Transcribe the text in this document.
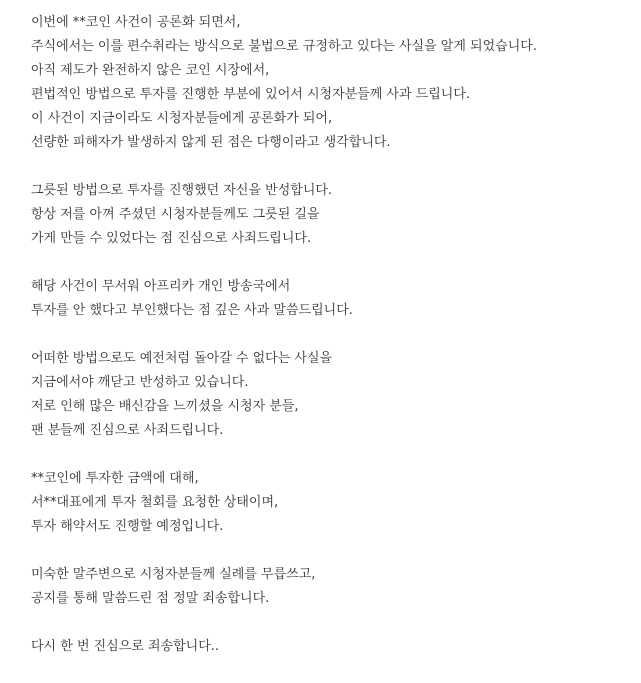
이번에 **코인 사건이 공론화 되면서,
주식에서는 이를 편수취라는 방식으로 불법으로 규정하고 있다는 사실을 알게 되었습니다.
아직 제도가 완전하지 않은 코인 시장에서,
편법적인 방법으로 투자를 진행한 부분에 있어서 시청자분들께 사과 드립니다.
이 사건이 지금이라도 시청자분들에게 공론화가 되어,
선량한 피해자가 발생하지 않게 된 점은 다행이라고 생각합니다.
그릇된 방법으로 투자를 진행했던 자신을 반성합니다.
항상 저를 아껴 주셨던 시청자분들께도 그릇된 길을
가게 만들 수 있었다는 점 진심으로 사죄드립니다.
해당 사건이 무서워 아프리카 개인 방송국에서
투자를 안 했다고 부인했다는 점 깊은 사과 말씀드립니다.
어떠한 방법으로도 예전처럼 돌아갈 수 없다는 사실을
지금에서야 깨닫고 반성하고 있습니다.
저로 인해 많은 배신감을 느끼셨을 시청자 분들,
팬 분들께 진심으로 사죄드립니다.
**코인에 투자한 금액에 대해,
서**대표에게 투자 철회를 요청한 상태이며,
투자 해약서도 진행할 예정입니다.
미숙한 말주변으로 시청자분들께 실례를 무릅쓰고,
공지를 통해 말씀드린 점 정말 죄송합니다.
다시 한 번 진심으로 죄송합니다..
